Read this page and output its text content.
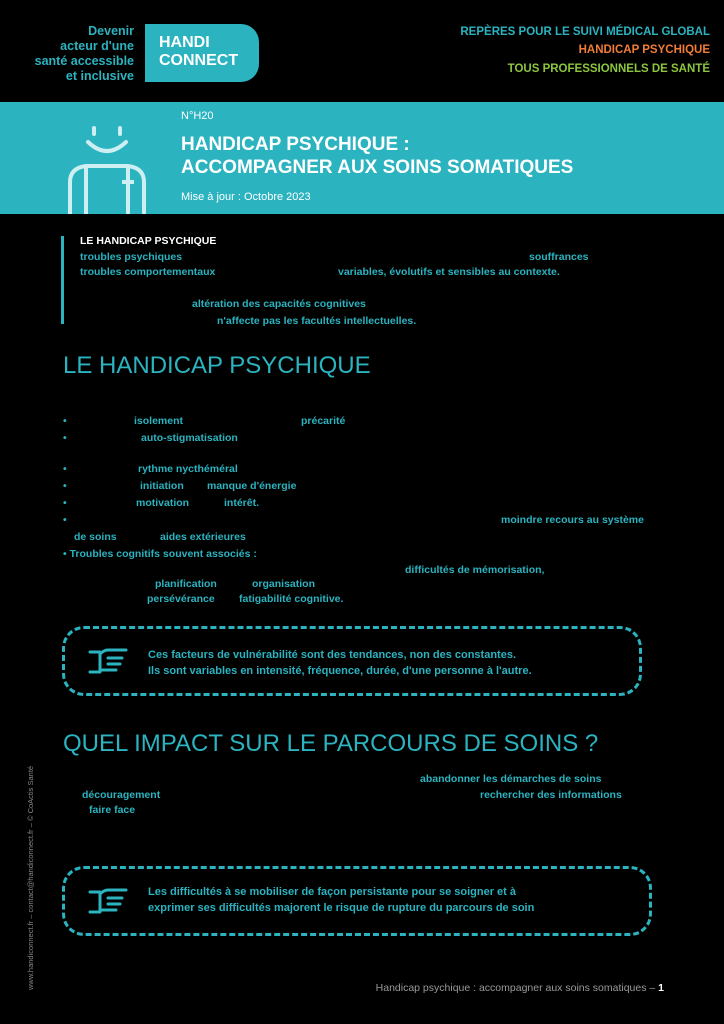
Devenir
acteur d'une
santé accessible
et inclusive
HANDI
CONNECT
REPÈRES POUR LE SUIVI MÉDICAL GLOBAL
HANDICAP PSYCHIQUE
TOUS PROFESSIONNELS DE SANTÉ
N°H20
HANDICAP PSYCHIQUE :
ACCOMPAGNER AUX SOINS SOMATIQUES
Mise à jour : Octobre 2023
LE HANDICAP PSYCHIQUE
troubles psychiques	souffrances
troubles comportementaux	variables, évolutifs et sensibles au contexte.
altération des capacités cognitives
n'affecte pas les facultés intellectuelles.
LE HANDICAP PSYCHIQUE
•	isolement	précarité
•	auto-stigmatisation
•	rythme nycthéméral
•	initiation manque d'énergie
•	motivation	intérêt.
•	moindre recours au système
de soins	aides extérieures
• Troubles cognitifs souvent associés :
difficultés de mémorisation,
planification	organisation
persévérance fatigabilité cognitive.
Ces facteurs de vulnérabilité sont des tendances, non des constantes.
Ils sont variables en intensité, fréquence, durée, d'une personne à l'autre.
QUEL IMPACT SUR LE PARCOURS DE SOINS ?
abandonner les démarches de soins
découragement	rechercher des informations
faire face
Les difficultés à se mobiliser de façon persistante pour se soigner et à
exprimer ses difficultés majorent le risque de rupture du parcours de soin
www.handiconnect.fr – contact@handiconnect.fr – © CoActis Santé	Handicap psychique : accompagner aux soins somatiques – 1
